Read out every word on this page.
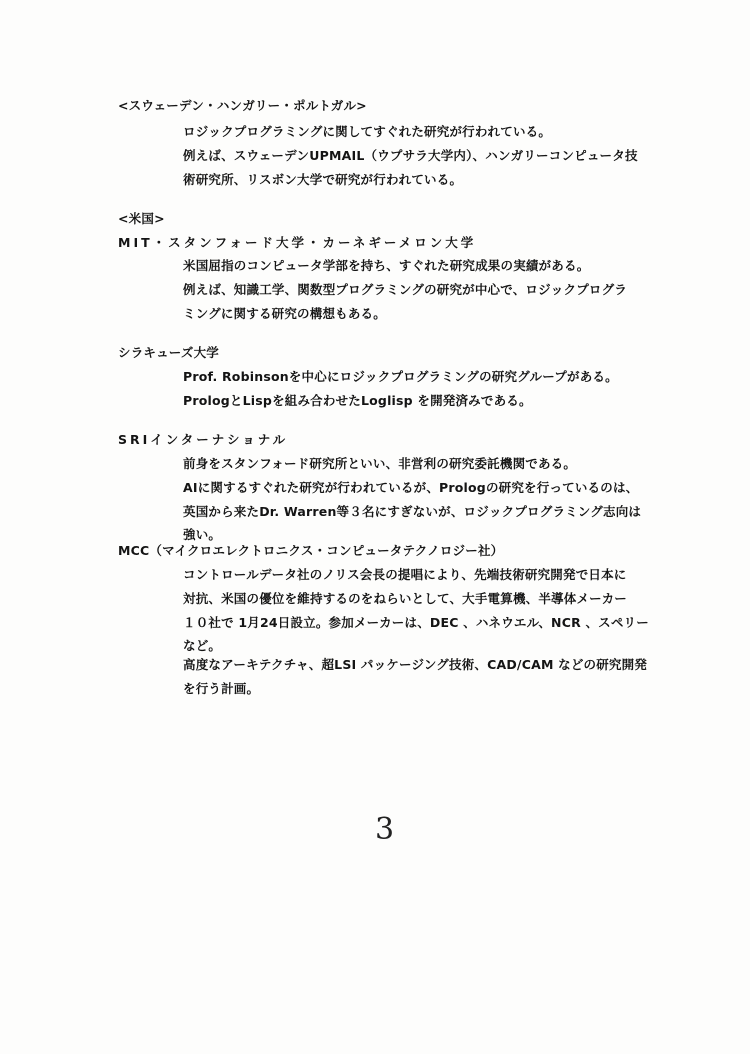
<スウェーデン・ハンガリー・ポルトガル>
ロジックプログラミングに関してすぐれた研究が行われている。
例えば、スウェーデンUPMAIL（ウプサラ大学内）、ハンガリーコンピュータ技
術研究所、リスボン大学で研究が行われている。
<米国>
MIT・スタンフォード大学・カーネギーメロン大学
米国屈指のコンピュータ学部を持ち、すぐれた研究成果の実績がある。
例えば、知識工学、関数型プログラミングの研究が中心で、ロジックプログラ
ミングに関する研究の構想もある。
シラキューズ大学
Prof. Robinsonを中心にロジックプログラミングの研究グループがある。
PrologとLispを組み合わせたLoglisp を開発済みである。
SRIインターナショナル
前身をスタンフォード研究所といい、非営利の研究委託機関である。
AIに関するすぐれた研究が行われているが、Prologの研究を行っているのは、
英国から来たDr. Warren等３名にすぎないが、ロジックプログラミング志向は
強い。
MCC（マイクロエレクトロニクス・コンピュータテクノロジー社）
コントロールデータ社のノリス会長の提唱により、先端技術研究開発で日本に
対抗、米国の優位を維持するのをねらいとして、大手電算機、半導体メーカー
１０社で 1月24日設立。参加メーカーは、DEC 、ハネウエル、NCR 、スペリー
など。
高度なアーキテクチャ、超LSI パッケージング技術、CAD/CAM などの研究開発
を行う計画。
3
